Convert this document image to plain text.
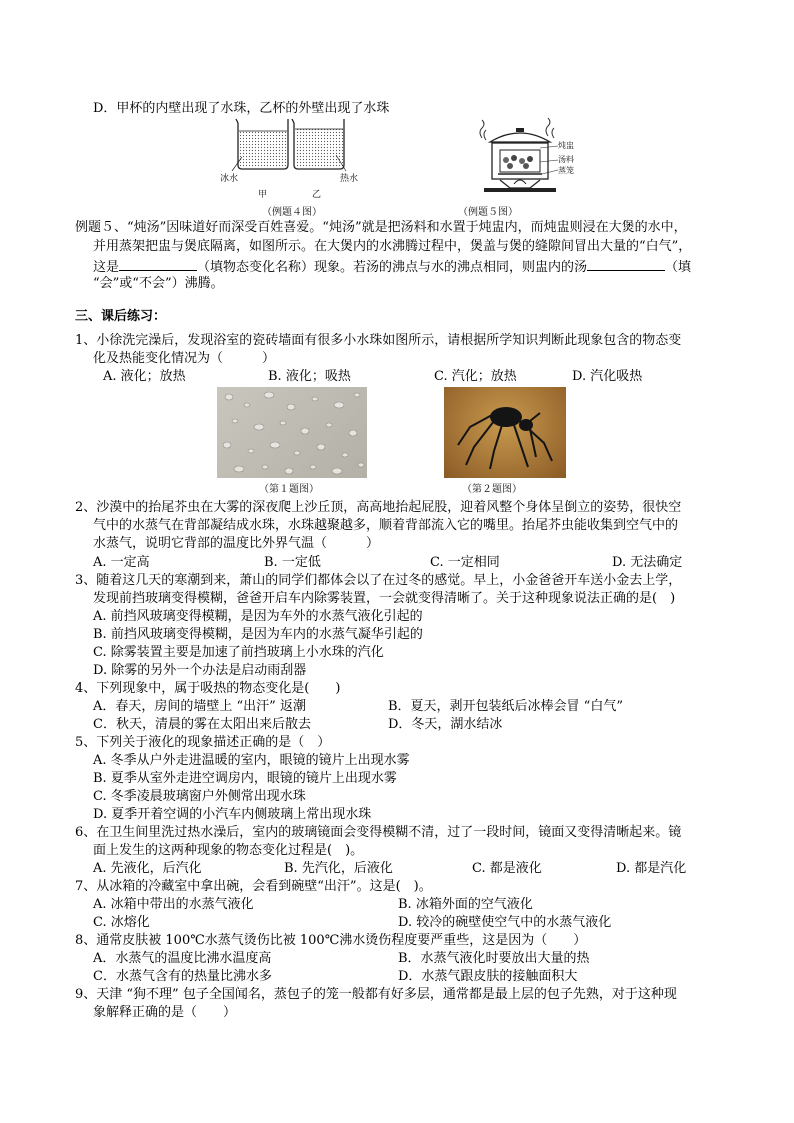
D．甲杯的内壁出现了水珠，乙杯的外壁出现了水珠
冰水	热水
甲	乙
（例题４图）
炖盅
汤料
蒸笼
（例题５图）
例题５、“炖汤”因味道好而深受百姓喜爱。“炖汤”就是把汤料和水置于炖盅内，而炖盅则浸在大煲的水中，
并用蒸架把盅与煲底隔离，如图所示。在大煲内的水沸腾过程中，煲盖与煲的缝隙间冒出大量的“白气”，
这是	（填物态变化名称）现象。若汤的沸点与水的沸点相同，则盅内的汤	（填
“会”或“不会”）沸腾。
三、课后练习：
1、小徐洗完澡后，发现浴室的瓷砖墙面有很多小水珠如图所示，请根据所学知识判断此现象包含的物态变
化及热能变化情况为（　　　）
A. 液化；放热	B. 液化；吸热	C. 汽化；放热	D. 汽化吸热
（第１题图）	（第２题图）
2、沙漠中的抬尾芥虫在大雾的深夜爬上沙丘顶，高高地抬起屁股，迎着风整个身体呈倒立的姿势，很快空
气中的水蒸气在背部凝结成水珠，水珠越聚越多，顺着背部流入它的嘴里。抬尾芥虫能收集到空气中的
水蒸气，说明它背部的温度比外界气温（　　　）
A. 一定高	B. 一定低	C. 一定相同	D. 无法确定
3、随着这几天的寒潮到来，萧山的同学们都体会以了在过冬的感觉。早上，小金爸爸开车送小金去上学，
发现前挡玻璃变得模糊，爸爸开启车内除雾装置，一会就变得清晰了。关于这种现象说法正确的是(　)
A. 前挡风玻璃变得模糊，是因为车外的水蒸气液化引起的
B. 前挡风玻璃变得模糊，是因为车内的水蒸气凝华引起的
C. 除雾装置主要是加速了前挡玻璃上小水珠的汽化
D. 除雾的另外一个办法是启动雨刮器
4、下列现象中，属于吸热的物态变化是(　　)
A．春天，房间的墙壁上 “出汗” 返潮	B．夏天，剥开包装纸后冰棒会冒 “白气”
C．秋天，清晨的雾在太阳出来后散去	D．冬天，湖水结冰
5、下列关于液化的现象描述正确的是（　）
A. 冬季从户外走进温暖的室内，眼镜的镜片上出现水雾
B. 夏季从室外走进空调房内，眼镜的镜片上出现水雾
C. 冬季凌晨玻璃窗户外侧常出现水珠
D. 夏季开着空调的小汽车内侧玻璃上常出现水珠
6、在卫生间里洗过热水澡后，室内的玻璃镜面会变得模糊不清，过了一段时间，镜面又变得清晰起来。镜
面上发生的这两种现象的物态变化过程是(　)。
A. 先液化，后汽化	B. 先汽化，后液化	C. 都是液化	D. 都是汽化
7、从冰箱的冷藏室中拿出碗，会看到碗壁“出汗”。这是(　)。
A. 冰箱中带出的水蒸气液化	B. 冰箱外面的空气液化
C. 冰熔化	D. 较冷的碗壁使空气中的水蒸气液化
8、通常皮肤被 100℃水蒸气烫伤比被 100℃沸水烫伤程度要严重些，这是因为（　　）
A．水蒸气的温度比沸水温度高	B．水蒸气液化时要放出大量的热
C．水蒸气含有的热量比沸水多	D．水蒸气跟皮肤的接触面积大
9、天津 “狗不理” 包子全国闻名，蒸包子的笼一般都有好多层，通常都是最上层的包子先熟，对于这种现
象解释正确的是（　　）
